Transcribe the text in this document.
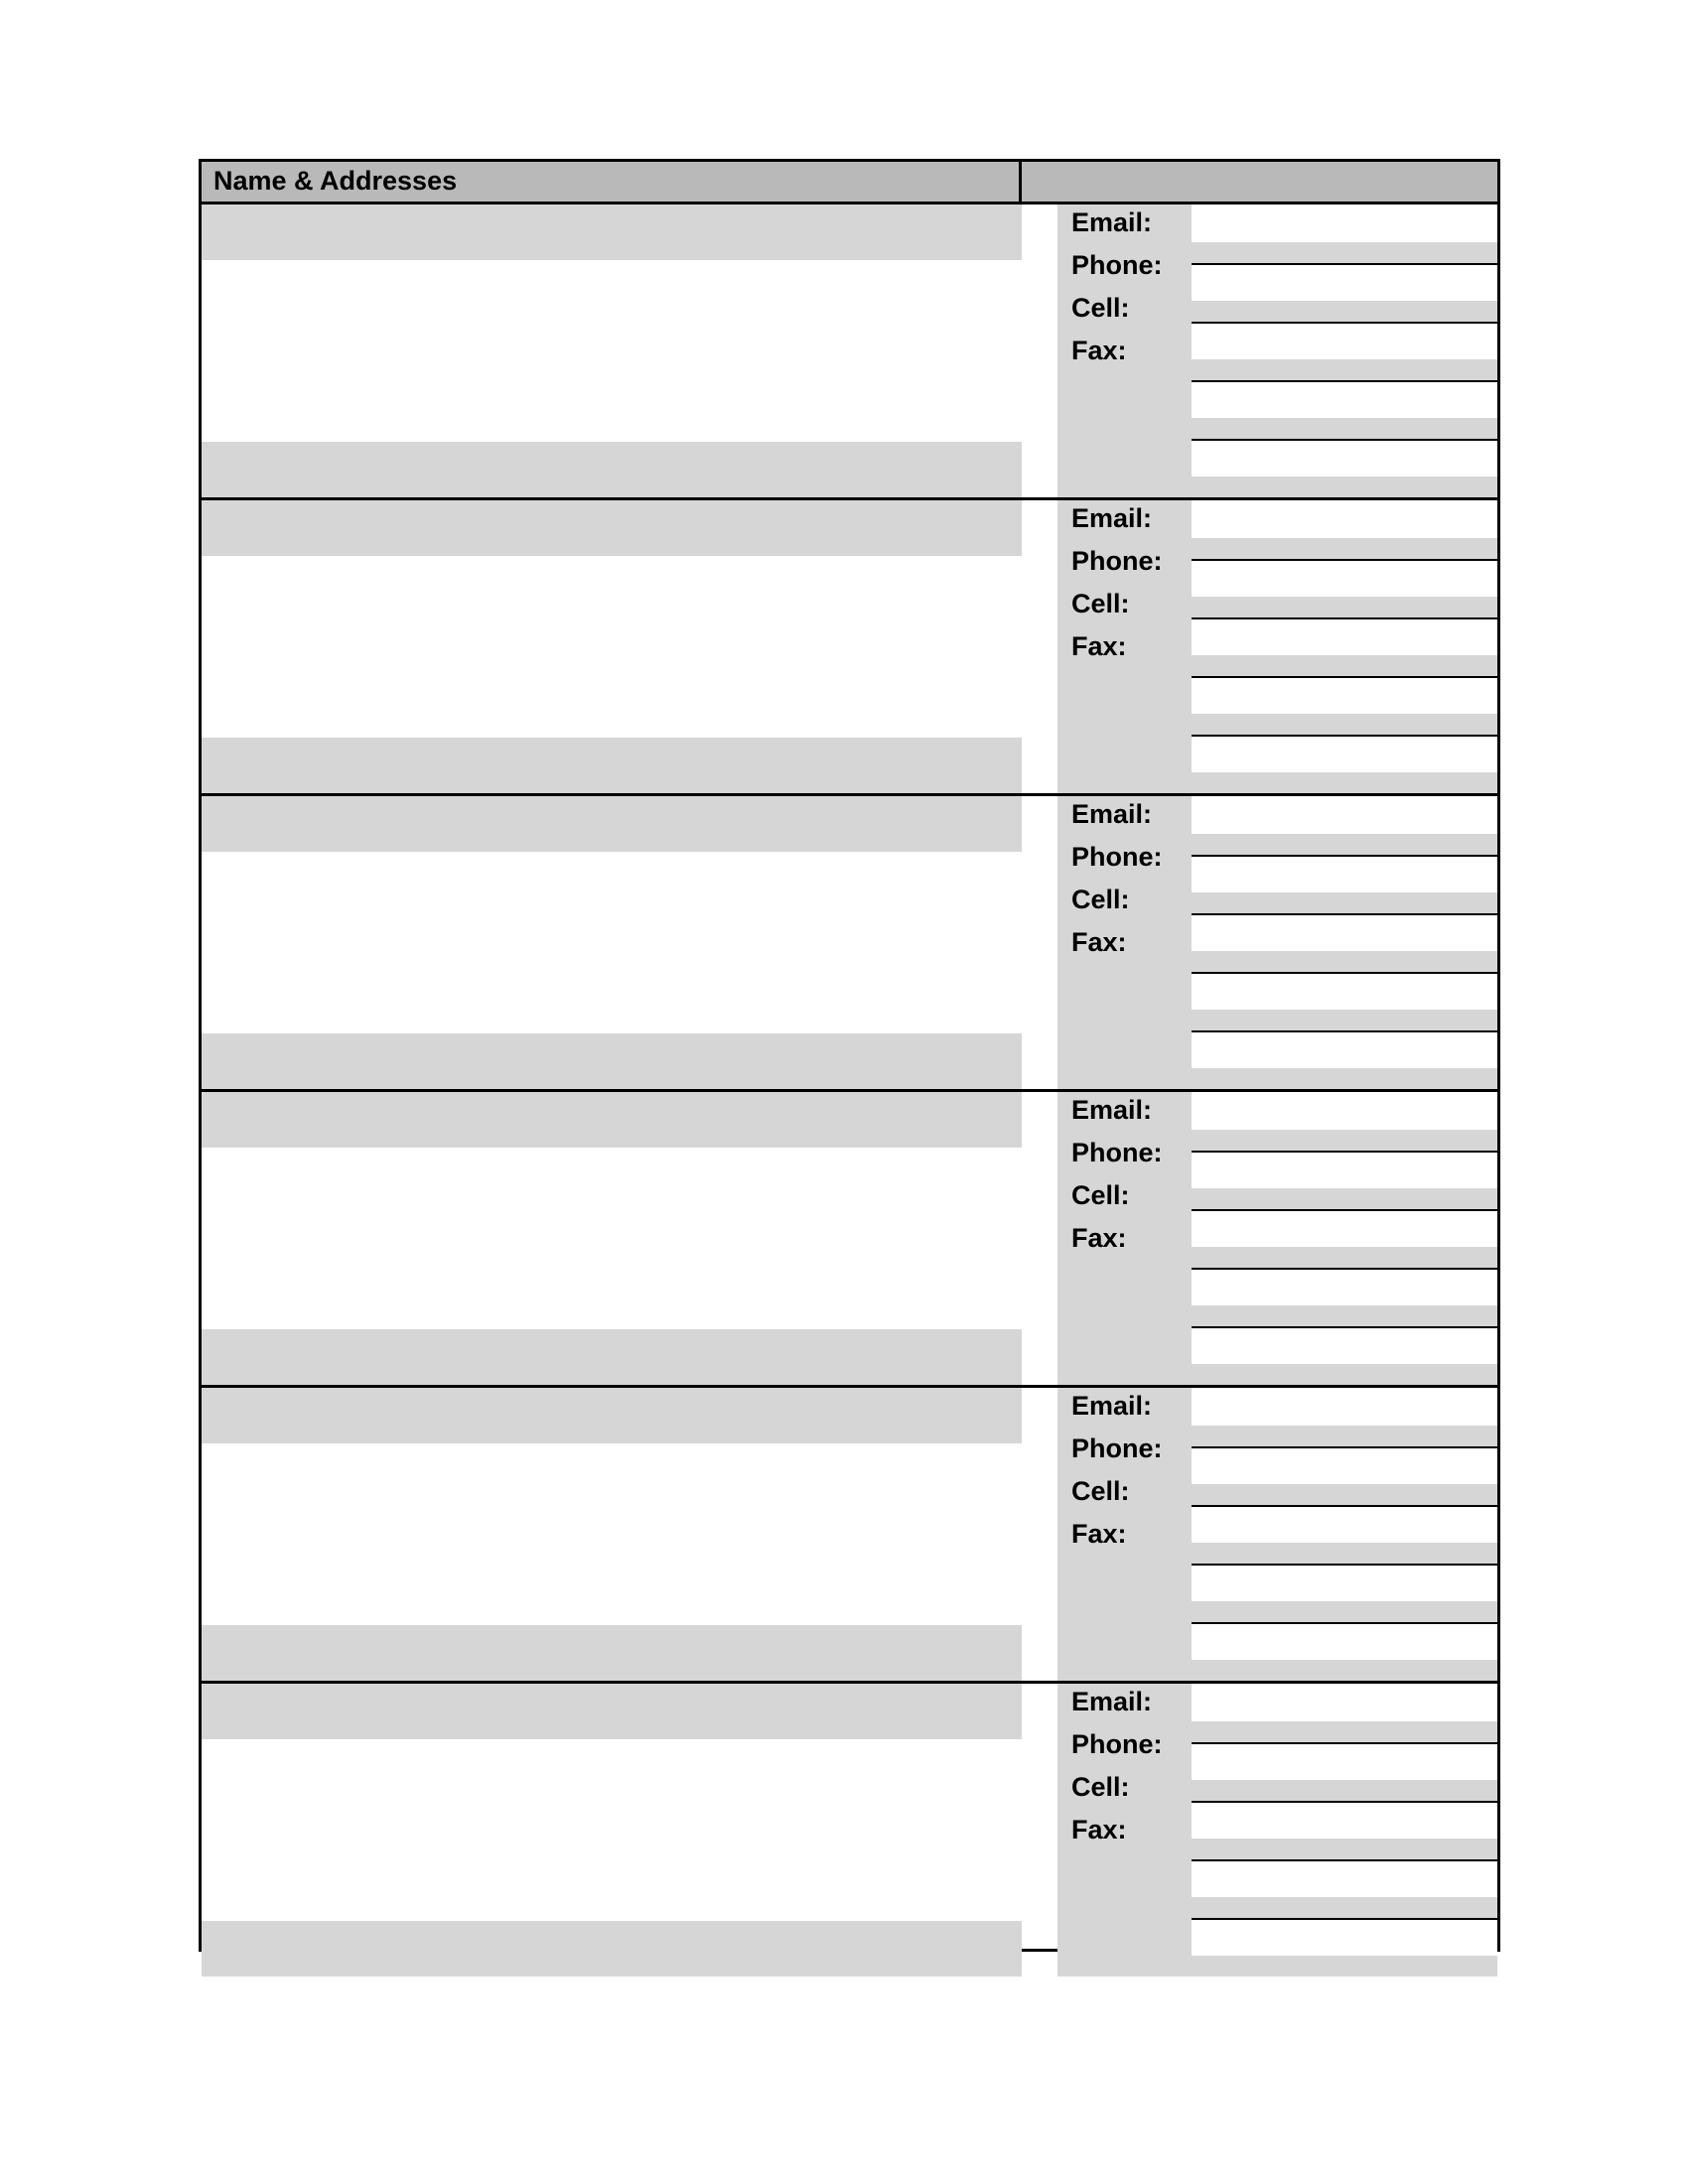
Name & Addresses
Email:
Phone:
Cell:
Fax:
Email:
Phone:
Cell:
Fax:
Email:
Phone:
Cell:
Fax:
Email:
Phone:
Cell:
Fax:
Email:
Phone:
Cell:
Fax:
Email:
Phone:
Cell:
Fax:
